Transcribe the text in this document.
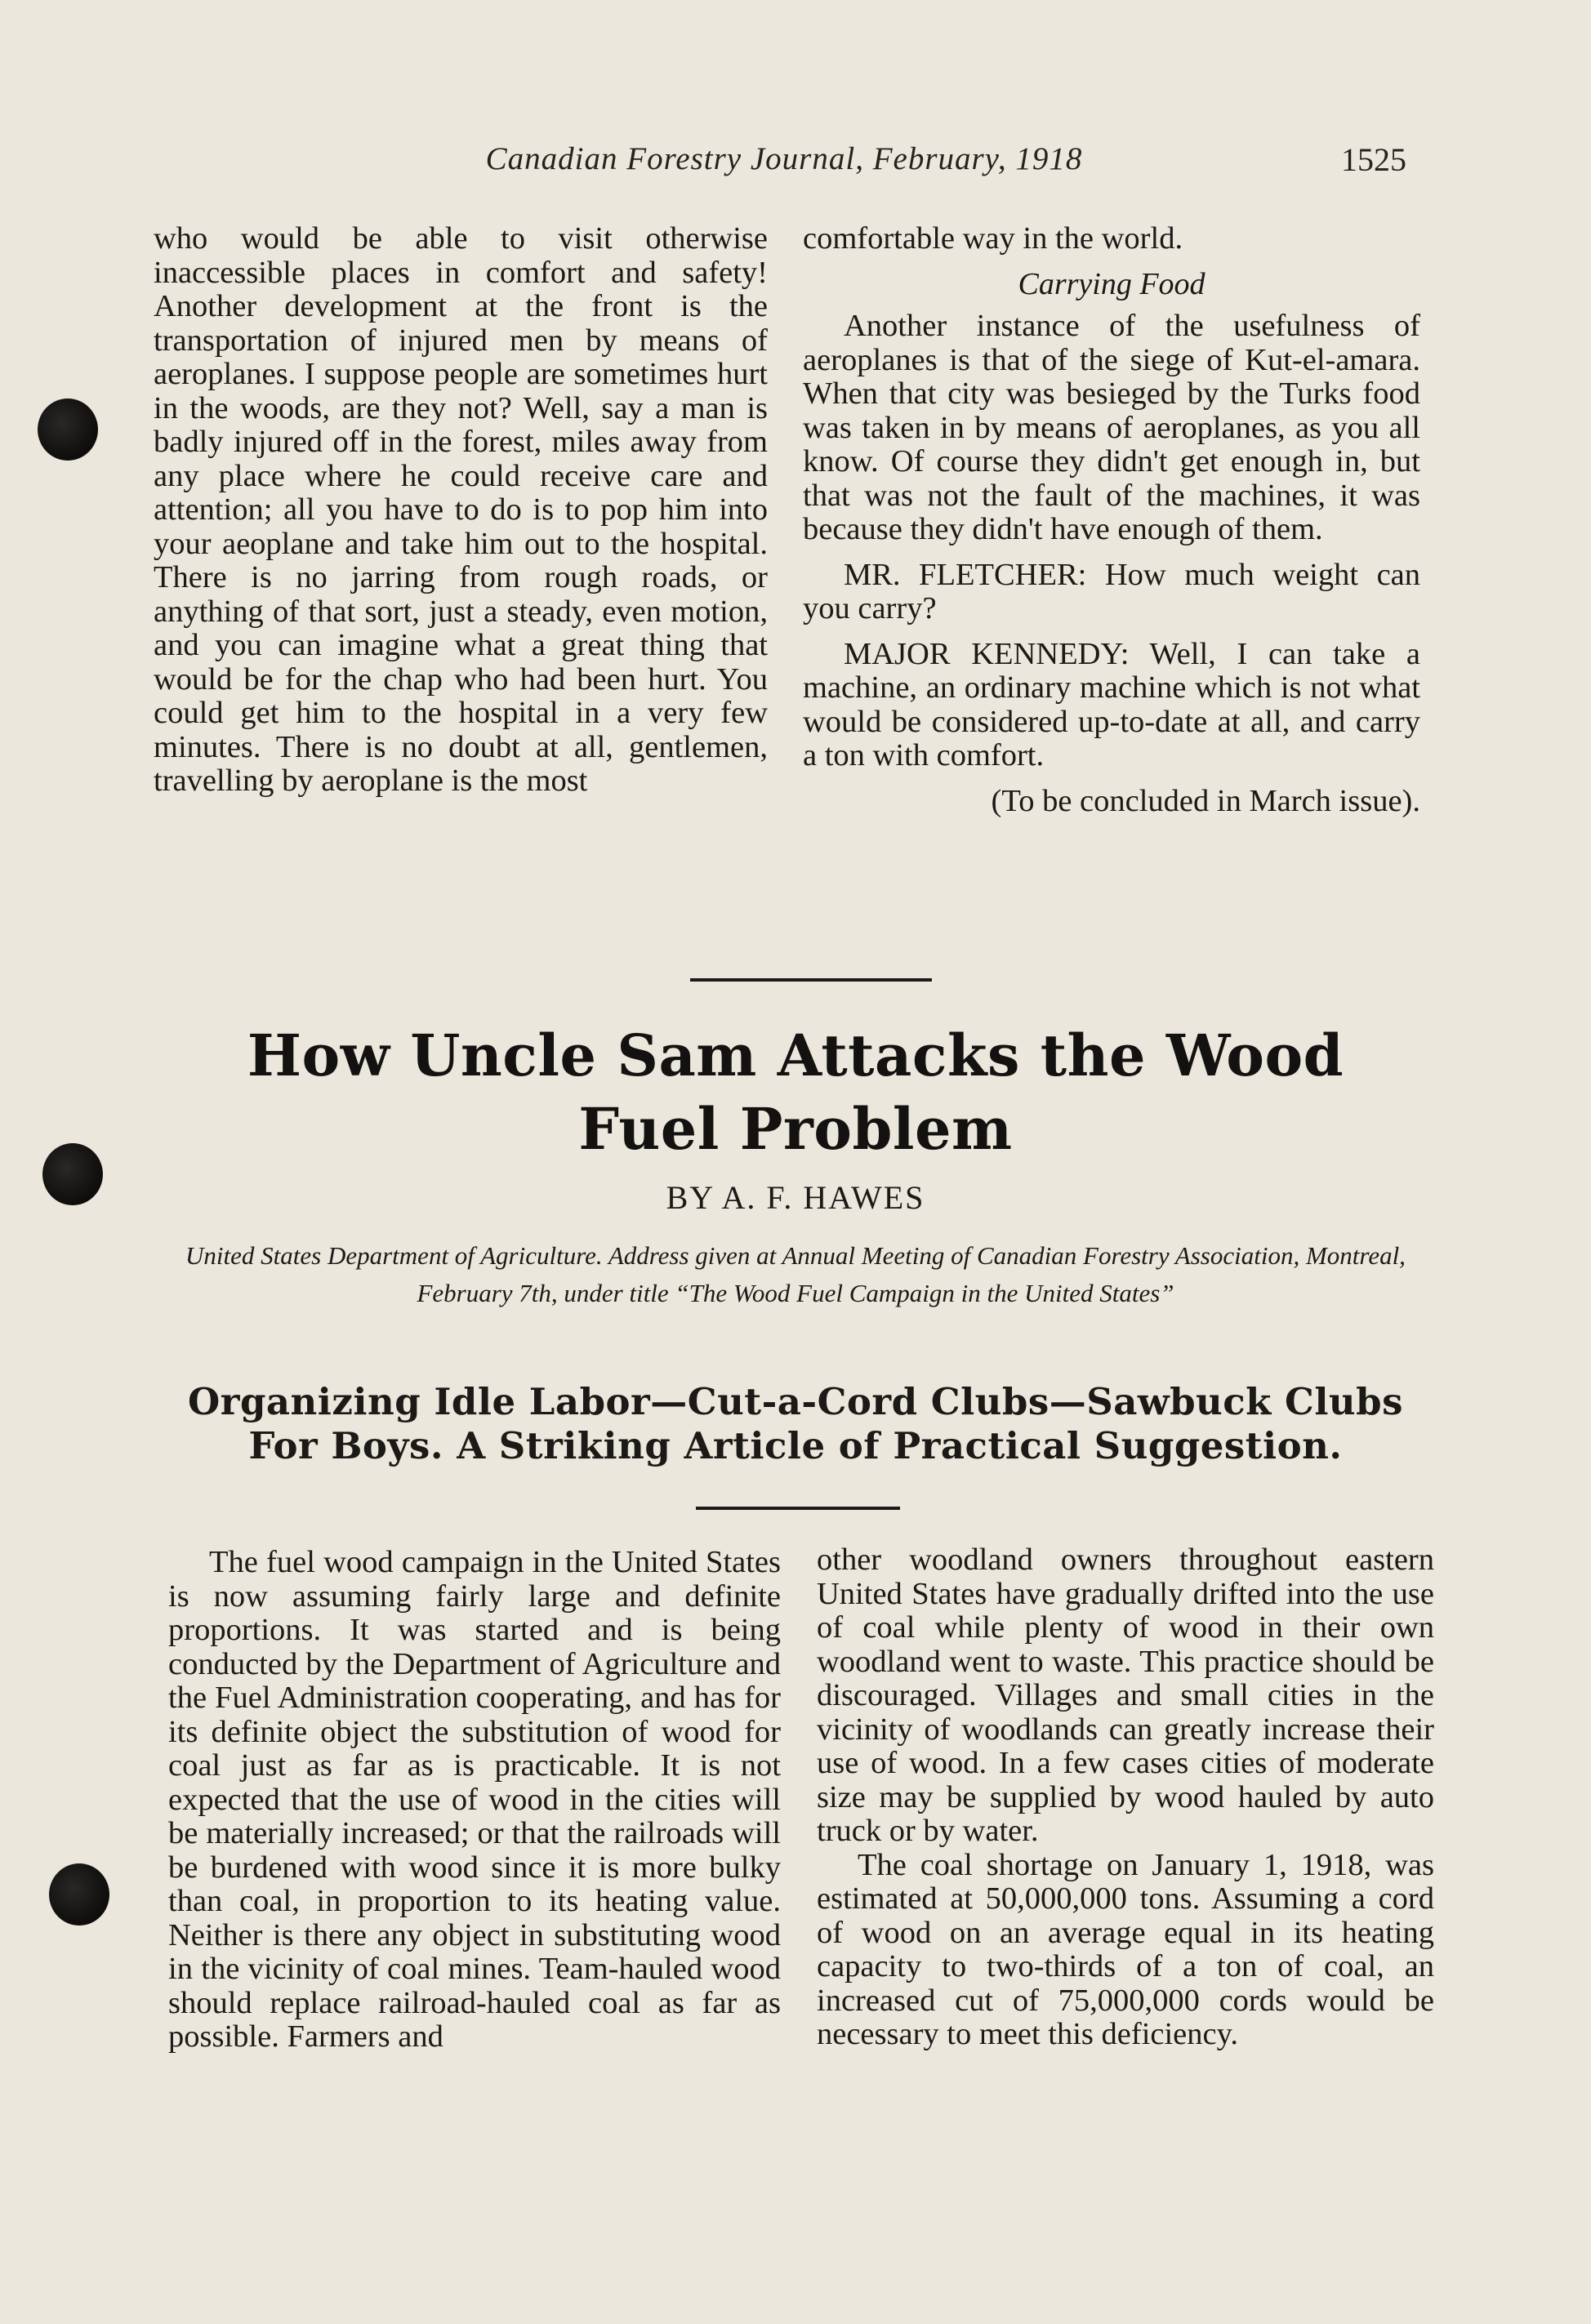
Canadian Forestry Journal, February, 1918	1525

who would be able to visit otherwise inaccessible places in comfort and safety! Another development at the front is the transportation of injured men by means of aeroplanes. I suppose people are sometimes hurt in the woods, are they not? Well, say a man is badly injured off in the forest, miles away from any place where he could receive care and attention; all you have to do is to pop him into your aeoplane and take him out to the hospital. There is no jarring from rough roads, or anything of that sort, just a steady, even motion, and you can imagine what a great thing that would be for the chap who had been hurt. You could get him to the hospital in a very few minutes. There is no doubt at all, gentlemen, travelling by aeroplane is the most

comfortable way in the world.

Carrying Food

Another instance of the usefulness of aeroplanes is that of the siege of Kut-el-amara. When that city was besieged by the Turks food was taken in by means of aeroplanes, as you all know. Of course they didn't get enough in, but that was not the fault of the machines, it was because they didn't have enough of them.

MR. FLETCHER: How much weight can you carry?

MAJOR KENNEDY: Well, I can take a machine, an ordinary machine which is not what would be considered up-to-date at all, and carry a ton with comfort.

(To be concluded in March issue).

How Uncle Sam Attacks the Wood
Fuel Problem
BY A. F. HAWES
United States Department of Agriculture. Address given at Annual Meeting of Canadian Forestry Association, Montreal, February 7th, under title “The Wood Fuel Campaign in the United States”
Organizing Idle Labor—Cut-a-Cord Clubs—Sawbuck Clubs
For Boys. A Striking Article of Practical Suggestion.

The fuel wood campaign in the United States is now assuming fairly large and definite proportions. It was started and is being conducted by the Department of Agriculture and the Fuel Administration cooperating, and has for its definite object the substitution of wood for coal just as far as is practicable. It is not expected that the use of wood in the cities will be materially increased; or that the railroads will be burdened with wood since it is more bulky than coal, in proportion to its heating value. Neither is there any object in substituting wood in the vicinity of coal mines. Team-hauled wood should replace railroad-hauled coal as far as possible. Farmers and

other woodland owners throughout eastern United States have gradually drifted into the use of coal while plenty of wood in their own woodland went to waste. This practice should be discouraged. Villages and small cities in the vicinity of woodlands can greatly increase their use of wood. In a few cases cities of moderate size may be supplied by wood hauled by auto truck or by water.

The coal shortage on January 1, 1918, was estimated at 50,000,000 tons. Assuming a cord of wood on an average equal in its heating capacity to two-thirds of a ton of coal, an increased cut of 75,000,000 cords would be necessary to meet this deficiency.
